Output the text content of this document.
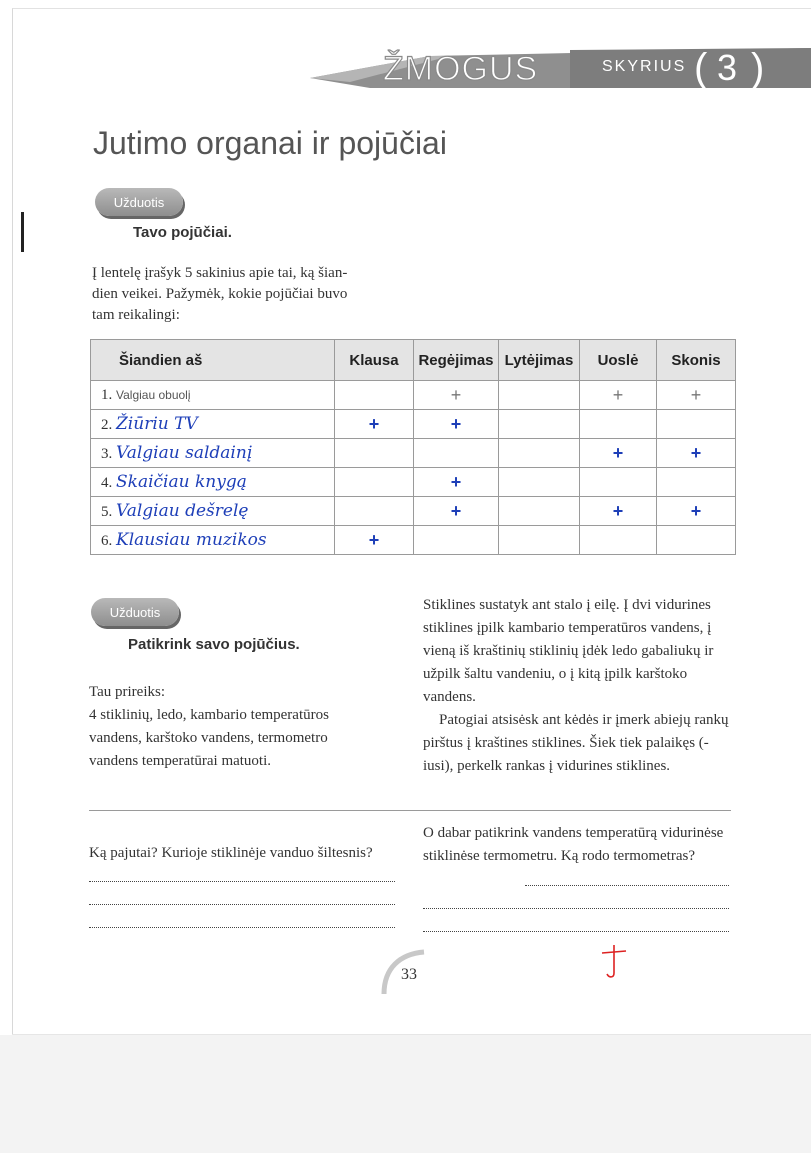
ŽMOGUS	SKYRIUS ( 3 )
Jutimo organai ir pojūčiai
Užduotis
Tavo pojūčiai.
Į lentelę įrašyk 5 sakinius apie tai, ką šian-
dien veikei. Pažymėk, kokie pojūčiai buvo
tam reikalingi:
Šiandien aš	Klausa	Regėjimas	Lytėjimas	Uoslė	Skonis
1. Valgiau obuolį		+		+	+
2. Žiūriu TV	+	+			
3. Valgiau saldainį				+	+
4. Skaičiau knygą		+			
5. Valgiau dešrelę		+		+	+
6. Klausiau muzikos	+				
Užduotis
Patikrink savo pojūčius.

Tau prireiks:

4 stiklinių, ledo, kambario temperatūros vandens, karštoko vandens, termometro vandens temperatūrai matuoti.

Stiklines sustatyk ant stalo į eilę. Į dvi vidurines stiklines įpilk kambario temperatūros vandens, į vieną iš kraštinių stiklinių įdėk ledo gabaliukų ir užpilk šaltu vandeniu, o į kitą įpilk karštoko vandens.

Patogiai atsisėsk ant kėdės ir įmerk abiejų rankų pirštus į kraštines stiklines. Šiek tiek palaikęs (-iusi), perkelk rankas į vidurines stiklines.

Ką pajutai? Kurioje stiklinėje vanduo šiltesnis?
O dabar patikrink vandens temperatūrą vidurinėse stiklinėse termometru. Ką rodo termometras?
33
